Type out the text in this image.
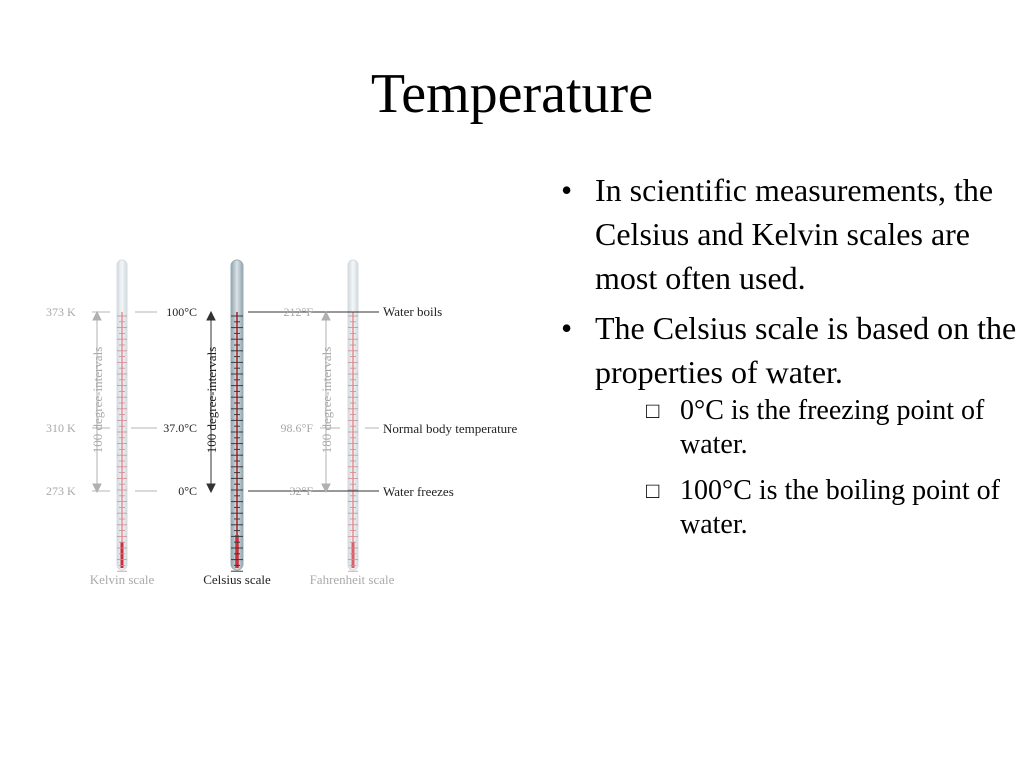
Temperature
100 degree-intervals	100 degree-intervals	180 degree-intervals
373 K
310 K
273 K
100°C
37.0°C
0°C
212°F
98.6°F
32°F
Water boils
Normal body temperature
Water freezes
Kelvin scale	Celsius scale	Fahrenheit scale
• In scientific measurements, the Celsius and Kelvin scales are most often used.
• The Celsius scale is based on the properties of water.
□ 0°C is the freezing point of water.
□ 100°C is the boiling point of water.
